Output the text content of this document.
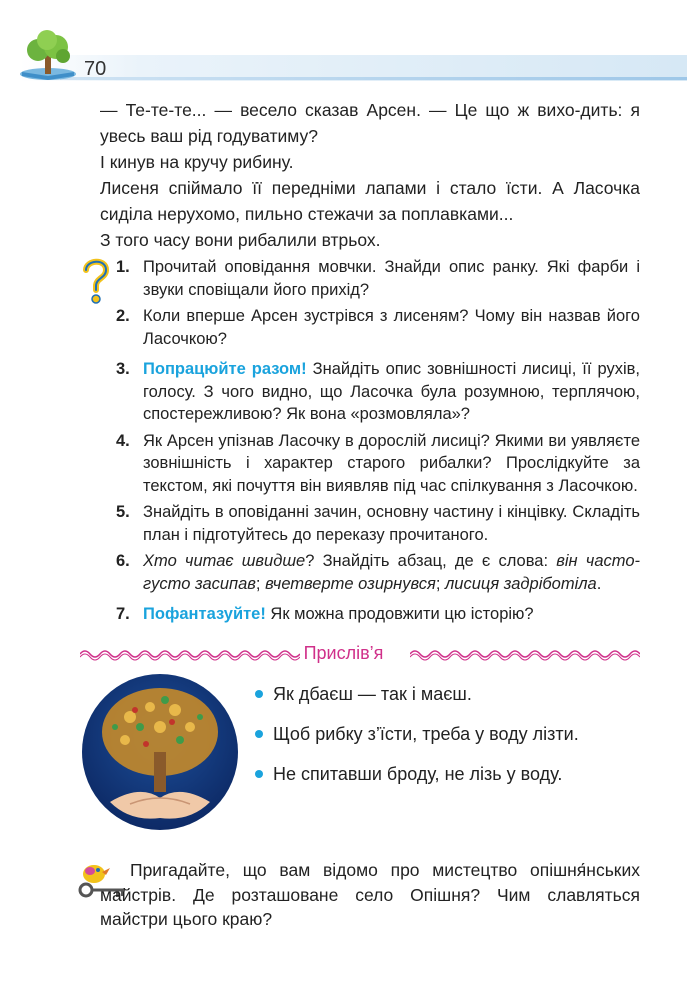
70

— Те-те-те... — весело сказав Арсен. — Це що ж вихо-дить: я увесь ваш рід годуватиму?

І кинув на кручу рибину.

Лисеня спіймало її передніми лапами і стало їсти. А Ласочка сиділа нерухомо, пильно стежачи за поплавками...

З того часу вони рибалили втрьох.

1. Прочитай оповідання мовчки. Знайди опис ранку. Які фарби і звуки сповіщали його прихід?
2. Коли вперше Арсен зустрівся з лисеням? Чому він назвав його Ласочкою?
3. Попрацюйте разом! Знайдіть опис зовнішності лисиці, її рухів, голосу. З чого видно, що Ласочка була розумною, терплячою, спостережливою? Як вона «розмовляла»?
4. Як Арсен упізнав Ласочку в дорослій лисиці? Якими ви уявляєте зовнішність і характер старого рибалки? Прослідкуйте за текстом, які почуття він виявляв під час спілкування з Ласочкою.
5. Знайдіть в оповіданні зачин, основну частину і кінцівку. Складіть план і підготуйтесь до переказу прочитаного.
6. Хто читає швидше? Знайдіть абзац, де є слова: він часто-густо засипав; вчетверте озирнувся; лисиця задріботіла.
7. Пофантазуйте! Як можна продовжити цю історію?
Прислів’я
Як дбаєш — так і маєш.
Щоб рибку з’їсти, треба у воду лізти.
Не спитавши броду, не лізь у воду.
Пригадайте, що вам відомо про мистецтво опішня́нських майстрів. Де розташоване село Опішня? Чим славляться майстри цього краю?
